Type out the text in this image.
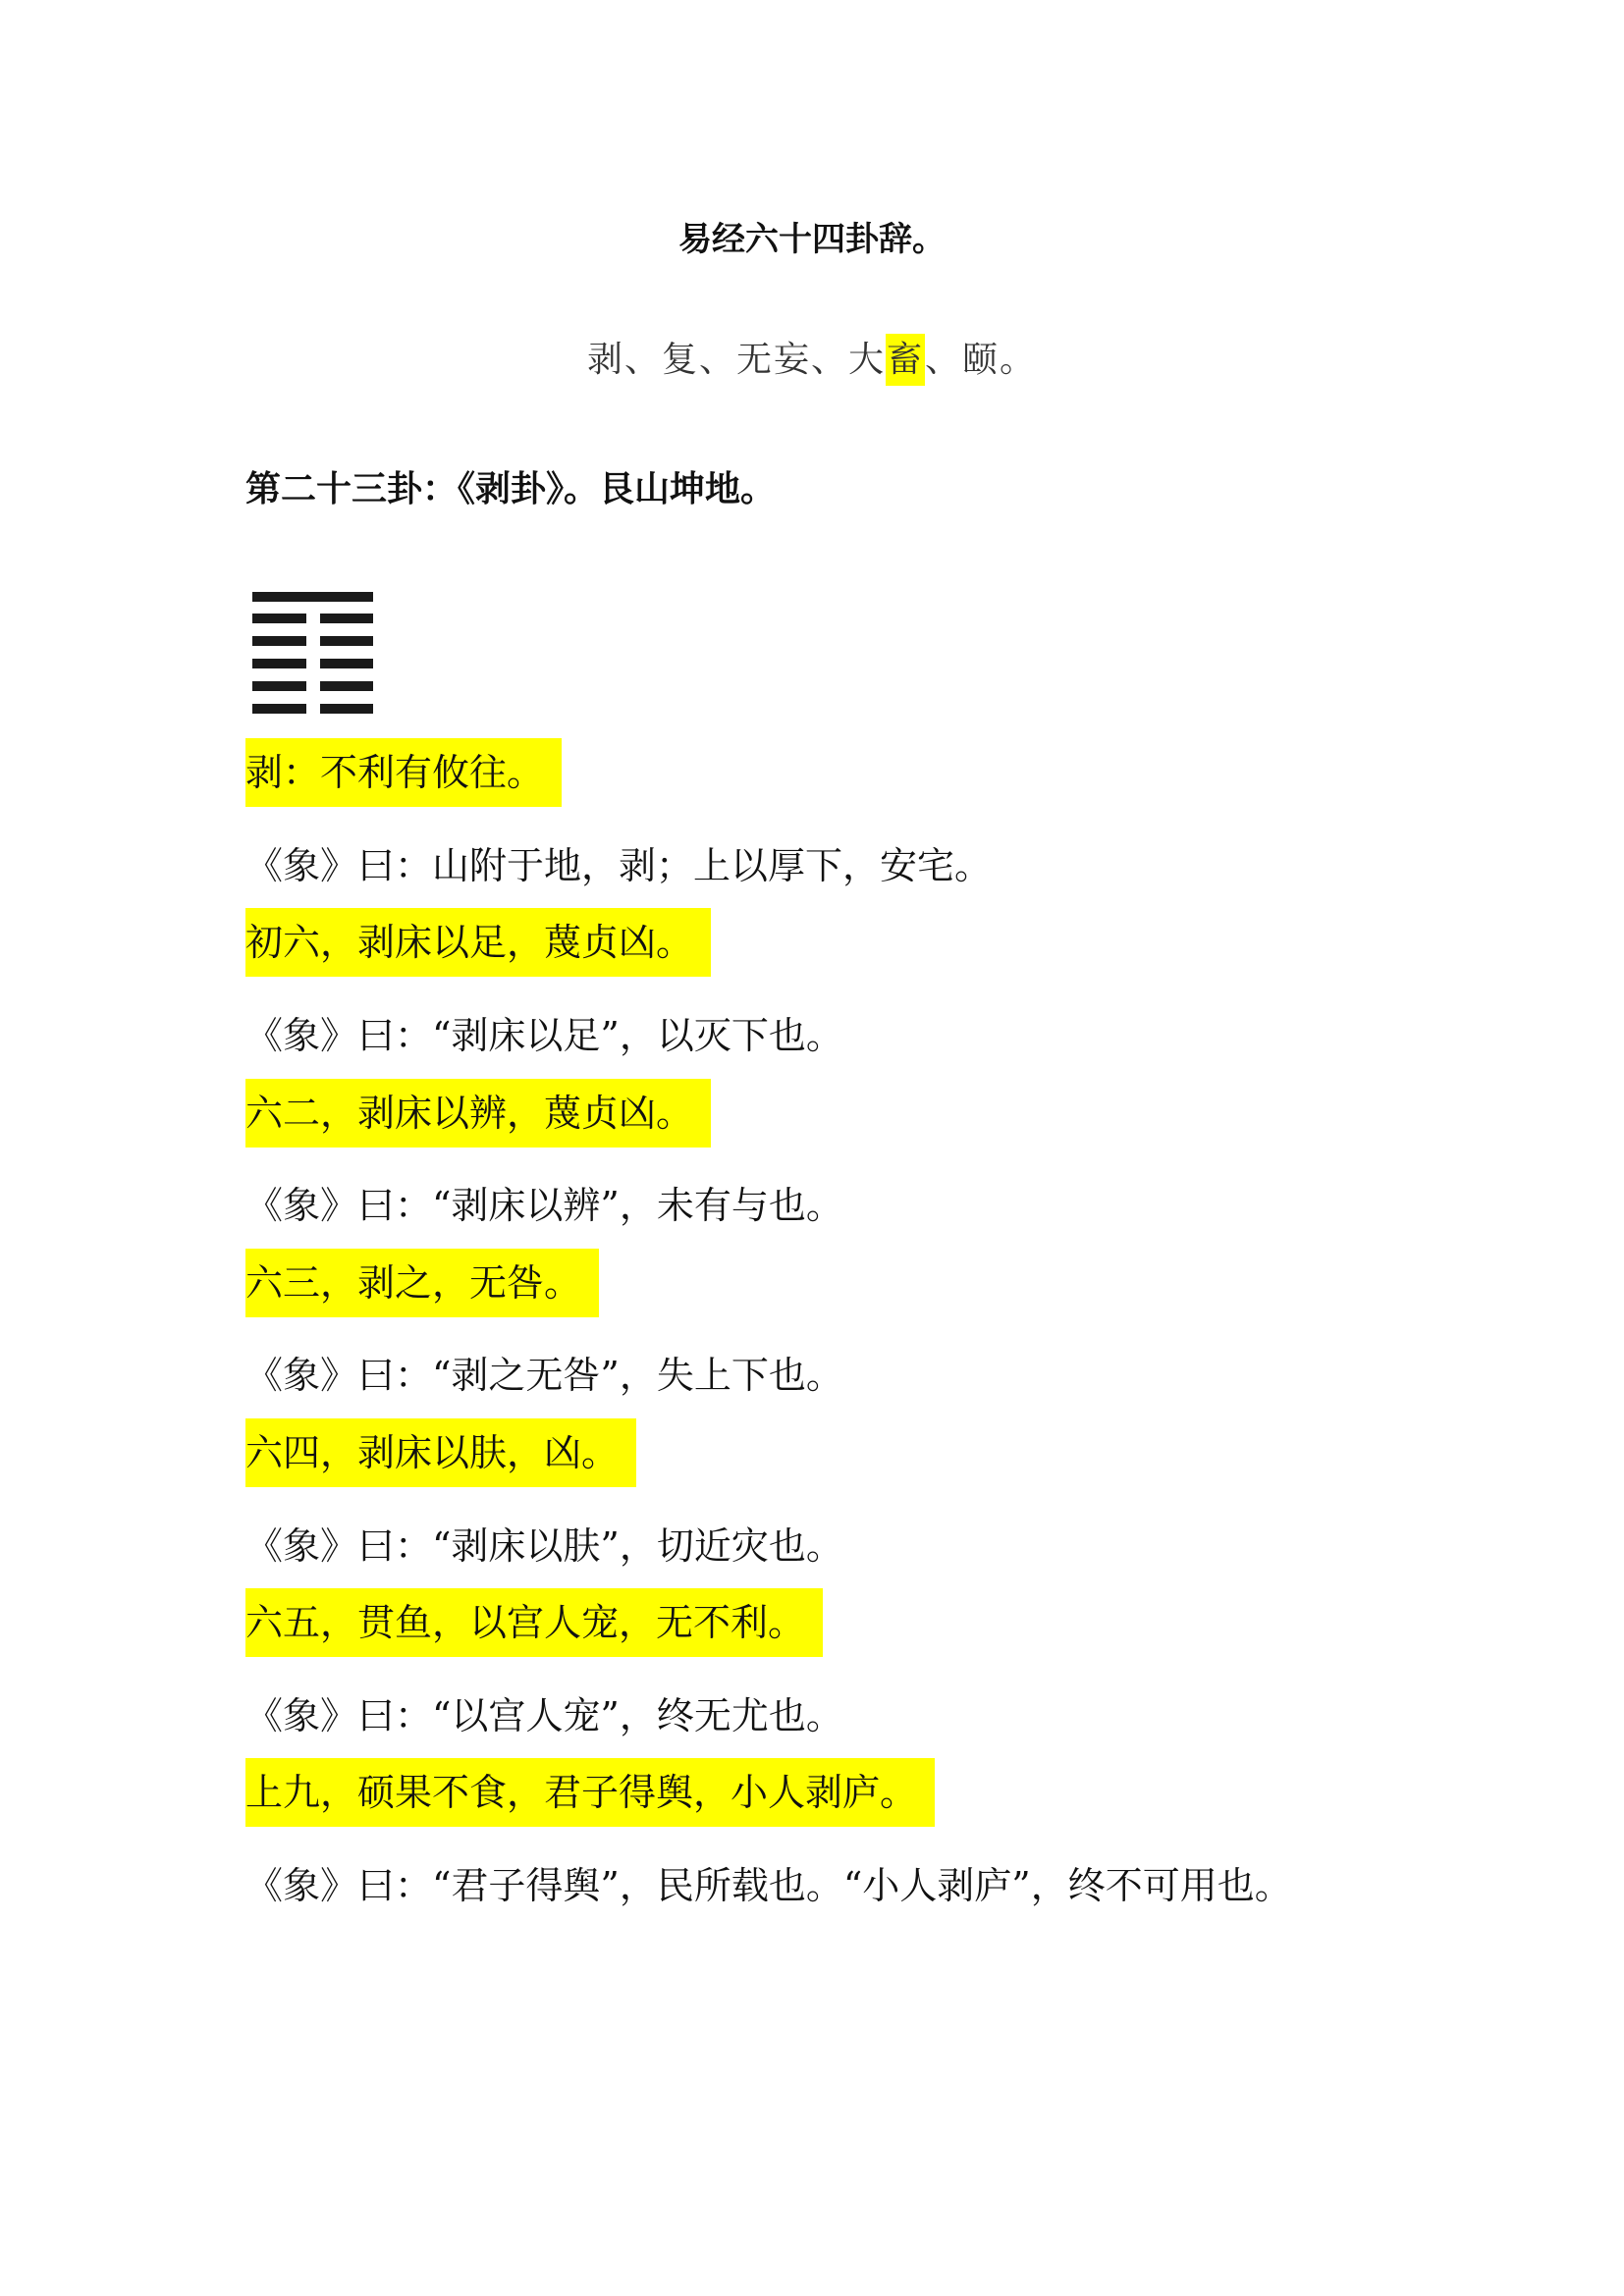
易经六十四卦辞。
剥、复、无妄、大畜、颐。
第二十三卦：《剥卦》。艮山坤地。
剥：不利有攸往。
《象》曰：山附于地，剥；上以厚下，安宅。
初六，剥床以足，蔑贞凶。
《象》曰：“剥床以足”，以灭下也。
六二，剥床以辨，蔑贞凶。
《象》曰：“剥床以辨”，未有与也。
六三，剥之，无咎。
《象》曰：“剥之无咎”，失上下也。
六四，剥床以肤，凶。
《象》曰：“剥床以肤”，切近灾也。
六五，贯鱼，以宫人宠，无不利。
《象》曰：“以宫人宠”，终无尤也。
上九，硕果不食，君子得舆，小人剥庐。
《象》曰：“君子得舆”，民所载也。“小人剥庐”，终不可用也。
